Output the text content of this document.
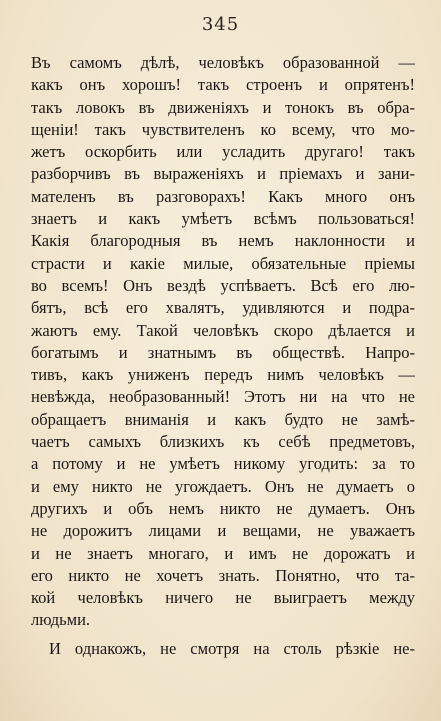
345
Въ самомъ дѣлѣ, человѣкъ образованной —
какъ онъ хорошъ! такъ строенъ и опрятенъ!
такъ ловокъ въ движенiяхъ и тонокъ въ обра-
щенiи! такъ чувствителенъ ко всему, что мо-
жетъ оскорбить или усладить другаго! такъ
разборчивъ въ выраженiяхъ и прiемахъ и зани-
мателенъ въ разговорахъ! Какъ много онъ
знаетъ и какъ умѣетъ всѣмъ пользоваться!
Какiя благородныя въ немъ наклонности и
страсти и какiе милые, обязательные прiемы
во всемъ! Онъ вездѣ успѣваетъ. Всѣ его лю-
бятъ, всѣ его хвалятъ, удивляются и подра-
жаютъ ему. Такой человѣкъ скоро дѣлается и
богатымъ и знатнымъ въ обществѣ. Напро-
тивъ, какъ униженъ передъ нимъ человѣкъ —
невѣжда, необразованный! Этотъ ни на что не
обращаетъ вниманiя и какъ будто не замѣ-
чаетъ самыхъ близкихъ къ себѣ предметовъ,
а потому и не умѣетъ никому угодить: за то
и ему никто не угождаетъ. Онъ не думаетъ о
другихъ и объ немъ никто не думаетъ. Онъ
не дорожитъ лицами и вещами, не уважаетъ
и не знаетъ многаго, и имъ не дорожатъ и
его никто не хочетъ знать. Понятно, что та-
кой человѣкъ ничего не выиграетъ между
людьми.
И однакожъ, не смотря на столь рѣзкiе не-
